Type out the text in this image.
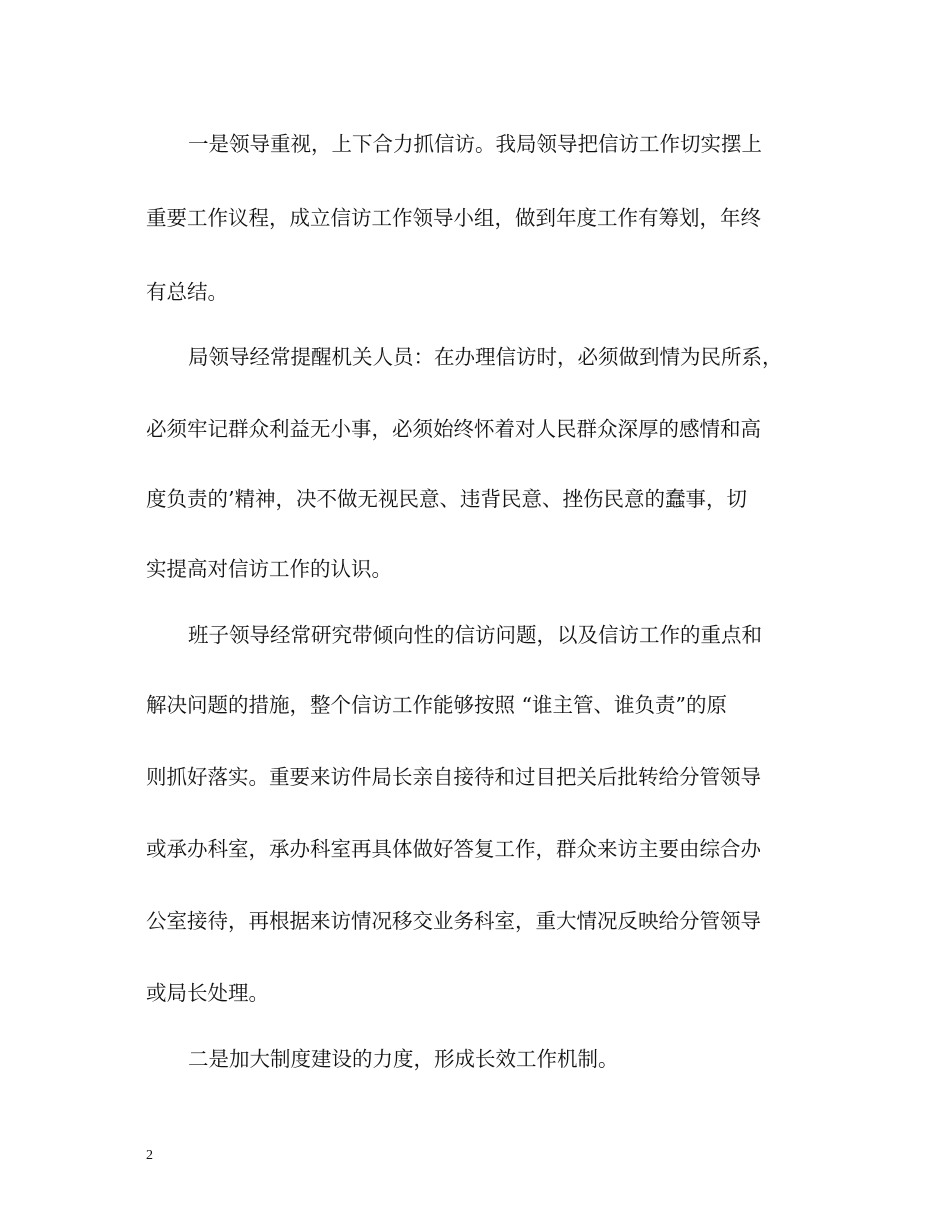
一是领导重视，上下合力抓信访。我局领导把信访工作切实摆上

重要工作议程，成立信访工作领导小组，做到年度工作有筹划，年终

有总结。

局领导经常提醒机关人员：在办理信访时，必须做到情为民所系，

必须牢记群众利益无小事，必须始终怀着对人民群众深厚的感情和高

度负责的’精神，决不做无视民意、违背民意、挫伤民意的蠢事，切

实提高对信访工作的认识。

班子领导经常研究带倾向性的信访问题，以及信访工作的重点和

解决问题的措施，整个信访工作能够按照 “谁主管、谁负责”的原

则抓好落实。重要来访件局长亲自接待和过目把关后批转给分管领导

或承办科室，承办科室再具体做好答复工作，群众来访主要由综合办

公室接待，再根据来访情况移交业务科室，重大情况反映给分管领导

或局长处理。

二是加大制度建设的力度，形成长效工作机制。

2
